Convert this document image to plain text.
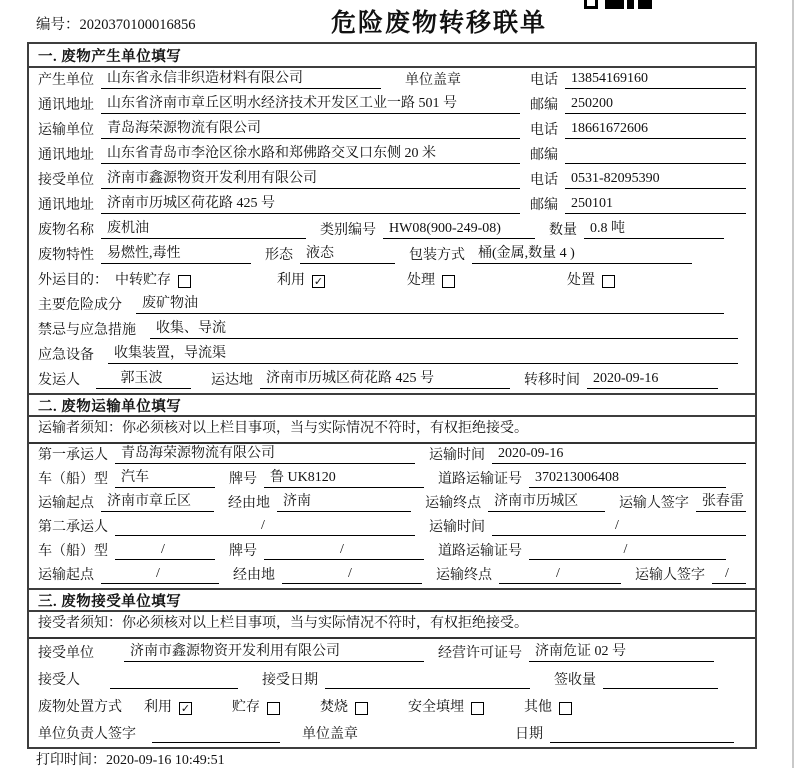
编号：2020370100016856	危险废物转移联单
一. 废物产生单位填写
产生单位 山东省永信非织造材料有限公司	单位盖章	电话 13854169160
通讯地址 山东省济南市章丘区明水经济技术开发区工业一路 501 号	邮编 250200
运输单位 青岛海荣源物流有限公司	电话 18661672606
通讯地址 山东省青岛市李沧区徐水路和郑佛路交叉口东侧 20 米	邮编
接受单位 济南市鑫源物资开发利用有限公司	电话 0531-82095390
通讯地址 济南市历城区荷花路 425 号	邮编 250101
废物名称 废机油	类别编号 HW08(900-249-08)	数量 0.8 吨
废物特性 易燃性,毒性	形态 液态	包装方式 桶(金属,数量 4 )
外运目的： 中转贮存	利用 ✓	处理	处置
主要危险成分	废矿物油
禁忌与应急措施	收集、导流
应急设备	收集装置，导流渠
发运人	郭玉波	运达地 济南市历城区荷花路 425 号	转移时间 2020-09-16
二. 废物运输单位填写
运输者须知：你必须核对以上栏目事项，当与实际情况不符时，有权拒绝接受。
第一承运人 青岛海荣源物流有限公司	运输时间 2020-09-16
车（船）型 汽车	牌号 鲁 UK8120	道路运输证号 370213006408
运输起点 济南市章丘区	经由地 济南	运输终点 济南市历城区	运输人签字 张春雷
第二承运人	/	运输时间	/
车（船）型	/	牌号	/	道路运输证号	/
运输起点	/	经由地	/	运输终点	/	运输人签字	/
三. 废物接受单位填写
接受者须知：你必须核对以上栏目事项，当与实际情况不符时，有权拒绝接受。
接受单位	济南市鑫源物资开发利用有限公司	经营许可证号 济南危证 02 号
接受人	接受日期	签收量
废物处置方式 利用 ✓	贮存	焚烧	安全填埋	其他
单位负责人签字	单位盖章	日期
打印时间：2020-09-16 10:49:51
